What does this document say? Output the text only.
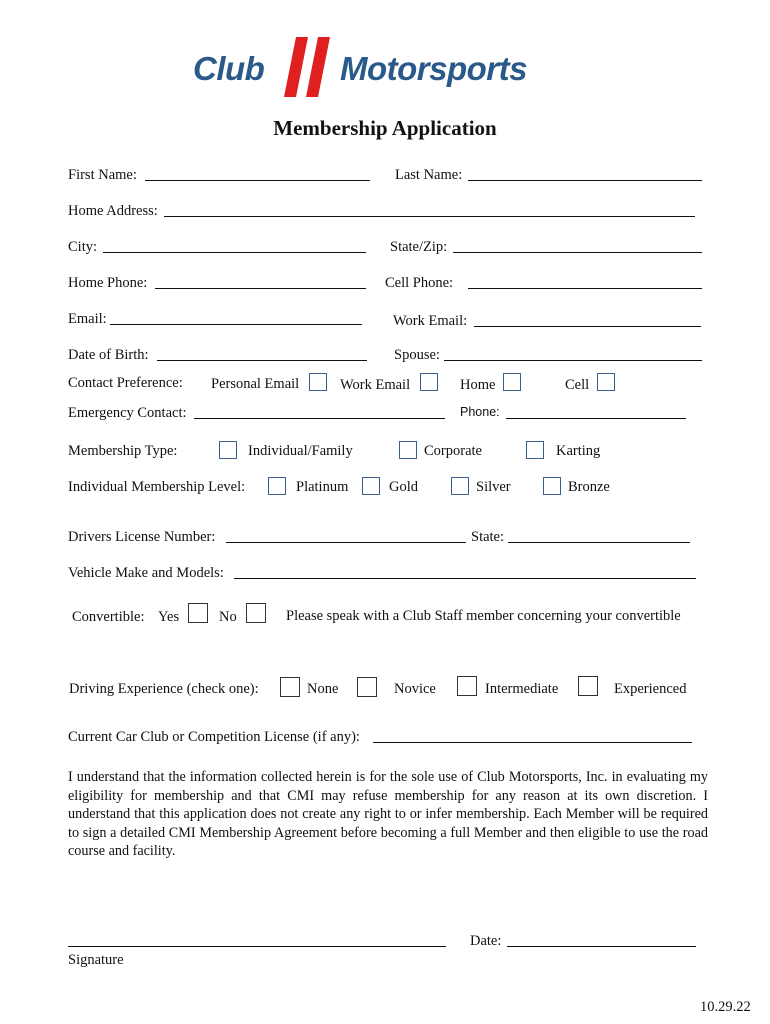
Club Motorsports
Membership Application
First Name:	Last Name:
Home Address:
City:	State/Zip:
Home Phone:	Cell Phone:
Email:	Work Email:
Date of Birth:	Spouse:
Contact Preference: Personal Email	Work Email	Home	Cell
Emergency Contact:	Phone:
Membership Type:	Individual/Family	Corporate	Karting
Individual Membership Level:	Platinum	Gold	Silver	Bronze
Drivers License Number:	State:
Vehicle Make and Models:
Convertible: Yes	No	Please speak with a Club Staff member concerning your convertible
Driving Experience (check one):	None	Novice	Intermediate	Experienced
Current Car Club or Competition License (if any):
I understand that the information collected herein is for the sole use of Club Motorsports, Inc. in evaluating my eligibility for membership and that CMI may refuse membership for any reason at its own discretion. I understand that this application does not create any right to or infer membership. Each Member will be required to sign a detailed CMI Membership Agreement before becoming a full Member and then eligible to use the road course and facility.
Signature
Date:
10.29.22
